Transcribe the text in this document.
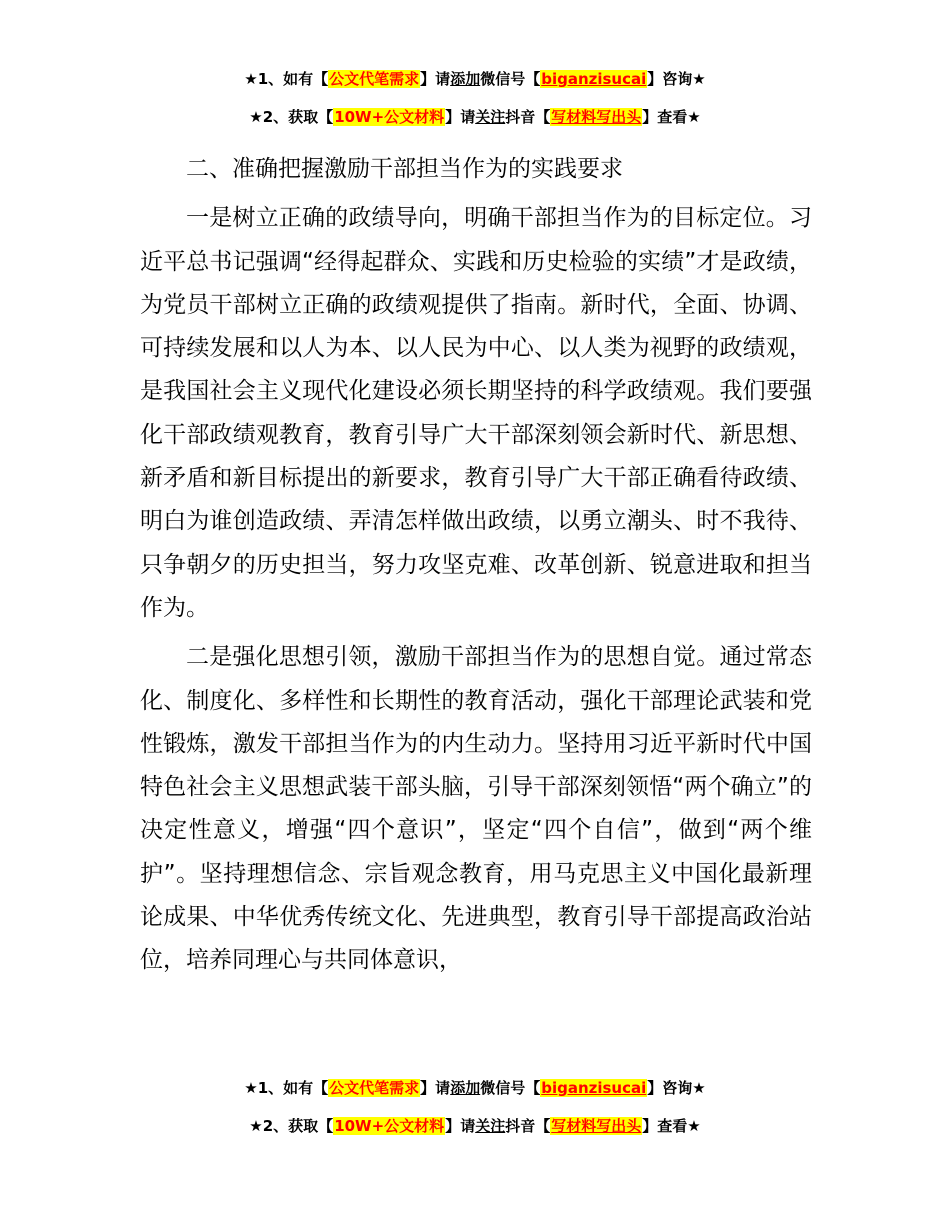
★1、如有【公文代笔需求】请添加微信号【biganzisucai】咨询★
★2、获取【10W+公文材料】请关注抖音【写材料写出头】查看★

二、准确把握激励干部担当作为的实践要求

一是树立正确的政绩导向，明确干部担当作为的目标定位。习近平总书记强调“经得起群众、实践和历史检验的实绩”才是政绩，为党员干部树立正确的政绩观提供了指南。新时代，全面、协调、可持续发展和以人为本、以人民为中心、以人类为视野的政绩观，是我国社会主义现代化建设必须长期坚持的科学政绩观。我们要强化干部政绩观教育，教育引导广大干部深刻领会新时代、新思想、新矛盾和新目标提出的新要求，教育引导广大干部正确看待政绩、明白为谁创造政绩、弄清怎样做出政绩，以勇立潮头、时不我待、只争朝夕的历史担当，努力攻坚克难、改革创新、锐意进取和担当作为。

二是强化思想引领，激励干部担当作为的思想自觉。通过常态化、制度化、多样性和长期性的教育活动，强化干部理论武装和党性锻炼，激发干部担当作为的内生动力。坚持用习近平新时代中国特色社会主义思想武装干部头脑，引导干部深刻领悟“两个确立”的决定性意义，增强“四个意识”，坚定“四个自信”，做到“两个维护”。坚持理想信念、宗旨观念教育，用马克思主义中国化最新理论成果、中华优秀传统文化、先进典型，教育引导干部提高政治站位，培养同理心与共同体意识，

★1、如有【公文代笔需求】请添加微信号【biganzisucai】咨询★
★2、获取【10W+公文材料】请关注抖音【写材料写出头】查看★
